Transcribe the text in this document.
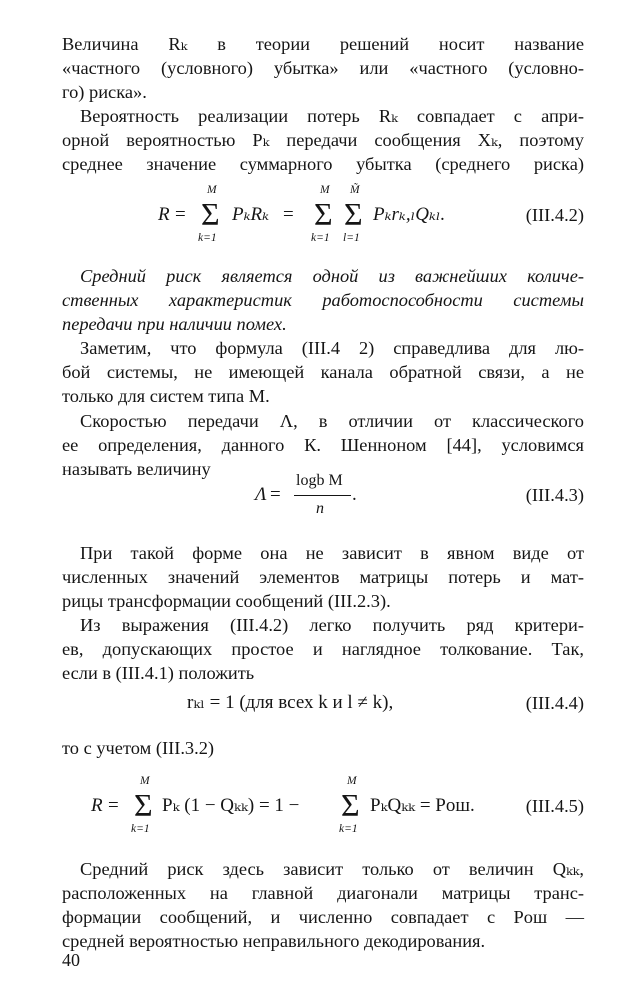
Величина Rₖ в теории решений носит название
«частного (условного) убытка» или «частного (условно-
го) риска».
Вероятность реализации потерь Rₖ совпадает с апри-
орной вероятностью Pₖ передачи сообщения Xₖ, поэтому
среднее значение суммарного убытка (среднего риска)
R =
M
Σ
k=1
PₖRₖ =
M
Σ
k=1
M̃
Σ
l=1
Pₖrₖ,ₗQₖₗ.	(III.4.2)
Средний риск является одной из важнейших количе-
ственных характеристик работоспособности системы
передачи при наличии помех.
Заметим, что формула (III.4 2) справедлива для лю-
бой системы, не имеющей канала обратной связи, а не
только для систем типа M.
Скоростью передачи Λ, в отличии от классического
ее определения, данного К. Шенноном [44], условимся
называть величину
Λ =
logb M
n
.	(III.4.3)
При такой форме она не зависит в явном виде от
численных значений элементов матрицы потерь и мат-
рицы трансформации сообщений (III.2.3).
Из выражения (III.4.2) легко получить ряд критери-
ев, допускающих простое и наглядное толкование. Так,
если в (III.4.1) положить
rₖₗ = 1 (для всех k и l ≠ k),	(III.4.4)
то с учетом (III.3.2)
R =
M
Σ
k=1
Pₖ (1 − Qₖₖ) = 1 −
M
Σ
k=1
PₖQₖₖ = Pош.	(III.4.5)
Средний риск здесь зависит только от величин Qₖₖ,
расположенных на главной диагонали матрицы транс-
формации сообщений, и численно совпадает с Pош —
средней вероятностью неправильного декодирования.
40
